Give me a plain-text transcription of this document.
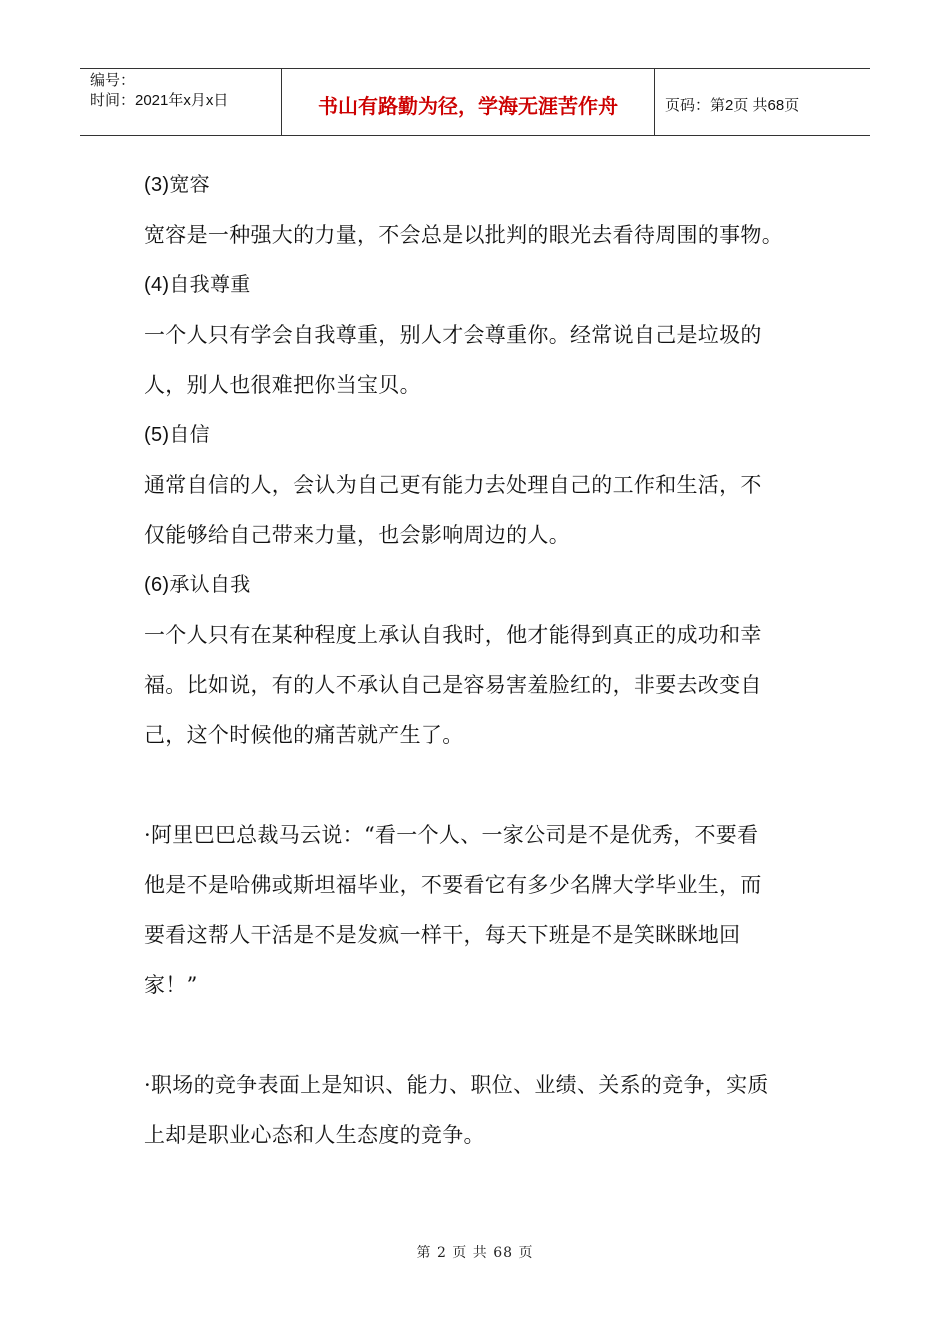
编号：
时间：2021年x月x日	书山有路勤为径，学海无涯苦作舟	页码：第2页 共68页
(3)宽容
宽容是一种强大的力量，不会总是以批判的眼光去看待周围的事物。
(4)自我尊重
一个人只有学会自我尊重，别人才会尊重你。经常说自己是垃圾的
人，别人也很难把你当宝贝。
(5)自信
通常自信的人，会认为自己更有能力去处理自己的工作和生活，不
仅能够给自己带来力量，也会影响周边的人。
(6)承认自我
一个人只有在某种程度上承认自我时，他才能得到真正的成功和幸
福。比如说，有的人不承认自己是容易害羞脸红的，非要去改变自
己，这个时候他的痛苦就产生了。
·阿里巴巴总裁马云说：“看一个人、一家公司是不是优秀，不要看
他是不是哈佛或斯坦福毕业，不要看它有多少名牌大学毕业生，而
要看这帮人干活是不是发疯一样干，每天下班是不是笑眯眯地回
家！”
·职场的竞争表面上是知识、能力、职位、业绩、关系的竞争，实质
上却是职业心态和人生态度的竞争。
第 2 页 共 68 页
